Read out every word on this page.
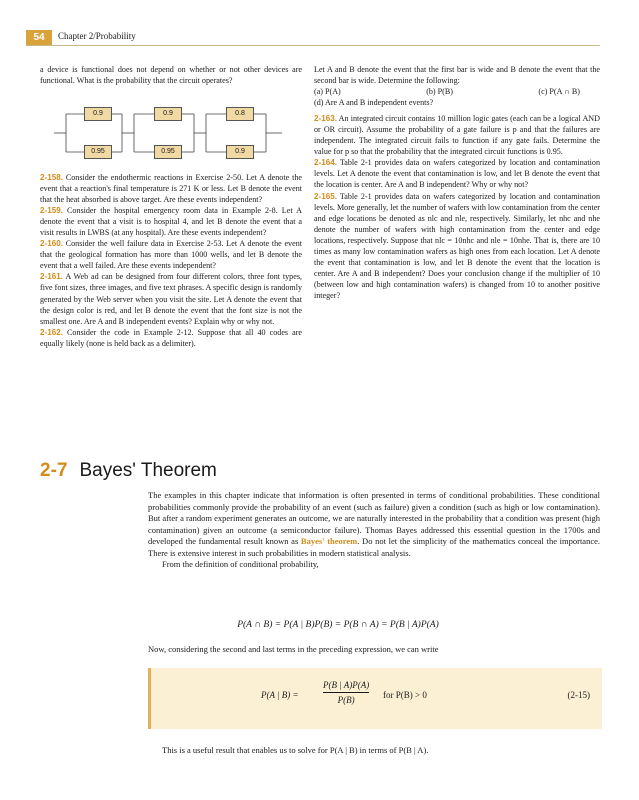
54	Chapter 2/Probability

a device is functional does not depend on whether or not other devices are functional. What is the probability that the circuit operates?

0.9	0.9	0.8
0.95	0.95	0.9

2-158. Consider the endothermic reactions in Exercise 2-50. Let A denote the event that a reaction's final temperature is 271 K or less. Let B denote the event that the heat absorbed is above target. Are these events independent?

2-159. Consider the hospital emergency room data in Example 2-8. Let A denote the event that a visit is to hospital 4, and let B denote the event that a visit results in LWBS (at any hospital). Are these events independent?

2-160. Consider the well failure data in Exercise 2-53. Let A denote the event that the geological formation has more than 1000 wells, and let B denote the event that a well failed. Are these events independent?

2-161. A Web ad can be designed from four different colors, three font types, five font sizes, three images, and five text phrases. A specific design is randomly generated by the Web server when you visit the site. Let A denote the event that the design color is red, and let B denote the event that the font size is not the smallest one. Are A and B independent events? Explain why or why not.

2-162. Consider the code in Example 2-12. Suppose that all 40 codes are equally likely (none is held back as a delimiter).

Let A and B denote the event that the first bar is wide and B denote the event that the second bar is wide. Determine the following:

(a) P(A)	(b) P(B)	(c) P(A ∩ B)

(d) Are A and B independent events?

2-163. An integrated circuit contains 10 million logic gates (each can be a logical AND or OR circuit). Assume the probability of a gate failure is p and that the failures are independent. The integrated circuit fails to function if any gate fails. Determine the value for p so that the probability that the integrated circuit functions is 0.95.

2-164. Table 2-1 provides data on wafers categorized by location and contamination levels. Let A denote the event that contamination is low, and let B denote the event that the location is center. Are A and B independent? Why or why not?

2-165. Table 2-1 provides data on wafers categorized by location and contamination levels. More generally, let the number of wafers with low contamination from the center and edge locations be denoted as nlc and nle, respectively. Similarly, let nhc and nhe denote the number of wafers with high contamination from the center and edge locations, respectively. Suppose that nlc = 10nhc and nle = 10nhe. That is, there are 10 times as many low contamination wafers as high ones from each location. Let A denote the event that contamination is low, and let B denote the event that the location is center. Are A and B independent? Does your conclusion change if the multiplier of 10 (between low and high contamination wafers) is changed from 10 to another positive integer?

2-7 Bayes' Theorem

The examples in this chapter indicate that information is often presented in terms of conditional probabilities. These conditional probabilities commonly provide the probability of an event (such as failure) given a condition (such as high or low contamination). But after a random experiment generates an outcome, we are naturally interested in the probability that a condition was present (high contamination) given an outcome (a semiconductor failure). Thomas Bayes addressed this essential question in the 1700s and developed the fundamental result known as Bayes' theorem. Do not let the simplicity of the mathematics conceal the importance. There is extensive interest in such probabilities in modern statistical analysis.

From the definition of conditional probability,

P(A ∩ B) = P(A | B)P(B) = P(B ∩ A) = P(B | A)P(A)

Now, considering the second and last terms in the preceding expression, we can write

P(A | B) =
P(B | A)P(A)
P(B)	for P(B) > 0	(2-15)

This is a useful result that enables us to solve for P(A | B) in terms of P(B | A).
